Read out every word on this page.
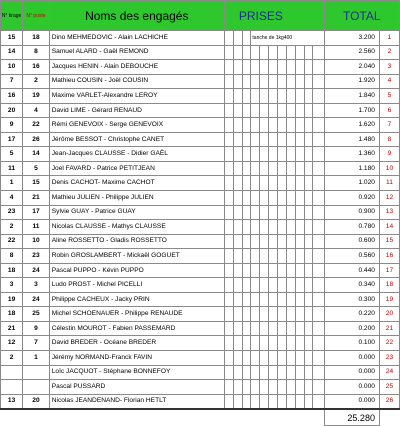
N° tirage	N° poste	Noms des engagés	PRISES											TOTAL	
15	18	Dino MEHMEDOVIC - Alain LACHICHE				tanche de 1kg400								3.200	1
14	8	Samuel ALARD - Gaël REMOND												2.560	2
10	16	Jacques HENIN - Alain DEBOUCHE												2.040	3
7	2	Mathieu COUSIN - Joël COUSIN												1.920	4
16	19	Maxime VARLET-Alexandre LEROY												1.840	5
20	4	David LIME - Gérard RENAUD												1.700	6
9	22	Rémi GENEVOIX - Serge GENEVOIX												1.620	7
17	26	Jérôme BESSOT - Christophe CANET												1.480	8
5	14	Jean-Jacques CLAUSSE - Didier GAËL												1.360	9
11	5	Joel FAVARD - Patrice PETITJEAN												1.180	10
1	15	Denis CACHOT- Maxime CACHOT												1.020	11
4	21	Mathieu JULIEN - Philippe JULIEN												0.920	12
23	17	Sylvie GUAY - Patrice GUAY												0.900	13
2	11	Nicolas CLAUSSE - Mathys CLAUSSE												0.780	14
22	10	Aline ROSSETTO - Gladis ROSSETTO												0.600	15
8	23	Robin GROSLAMBERT - Mickaël GOGUET												0.560	16
18	24	Pascal PUPPO - Kévin PUPPO												0.440	17
3	3	Ludo PROST - Michel PICELLI												0.340	18
19	24	Philippe CACHEUX - Jacky PRIN												0.300	19
18	25	Michel SCHOENAUER - Philippe RENAUDE												0.220	20
21	9	Célestin MOUROT - Fabien PASSEMARD												0.200	21
12	7	David BREDER - Océane BREDER												0.100	22
2	1	Jérémy NORMAND-Franck FAVIN												0.000	23
		Loïc JACQUOT - Stéphane BONNEFOY												0.000	24
		Pascal PUSSARD												0.000	25
13	20	Nicolas JEANDENAND- Florian HETLT												0.000	26
														25.280	
